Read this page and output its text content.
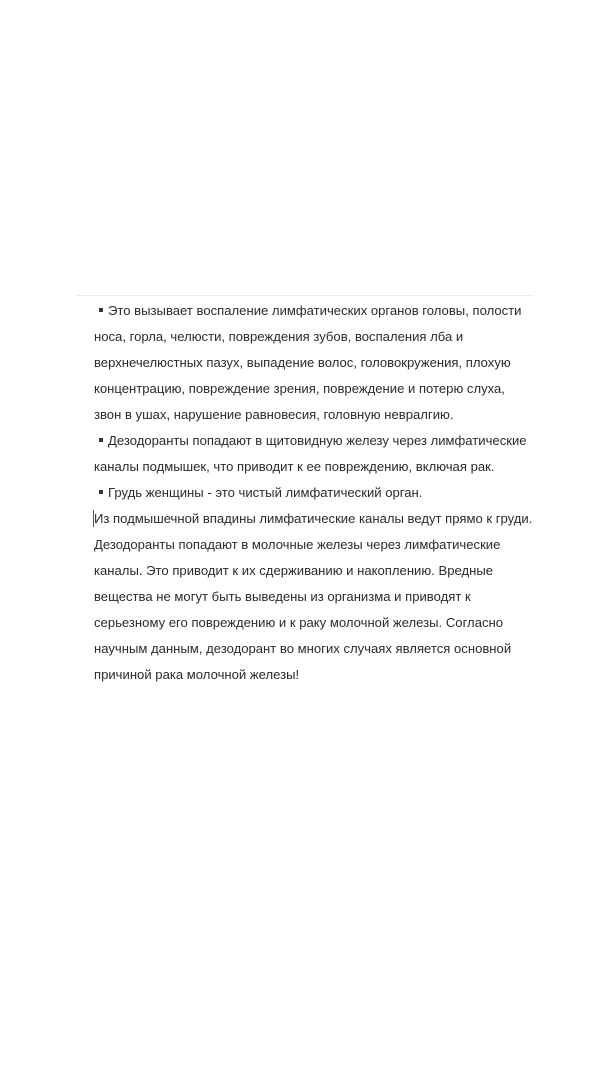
Это вызывает воспаление лимфатических органов головы, полости носа, горла, челюсти, повреждения зубов, воспаления лба и верхнечелюстных пазух, выпадение волос, головокружения, плохую концентрацию, повреждение зрения, повреждение и потерю слуха, звон в ушах, нарушение равновесия, головную невралгию.
Дезодоранты попадают в щитовидную железу через лимфатические каналы подмышек, что приводит к ее повреждению, включая рак.
Грудь женщины - это чистый лимфатический орган.

Из подмышечной впадины лимфатические каналы ведут прямо к груди. Дезодоранты попадают в молочные железы через лимфатические каналы. Это приводит к их сдерживанию и накоплению. Вредные вещества не могут быть выведены из организма и приводят к серьезному его повреждению и к раку молочной железы. Согласно научным данным, дезодорант во многих случаях является основной причиной рака молочной железы!
